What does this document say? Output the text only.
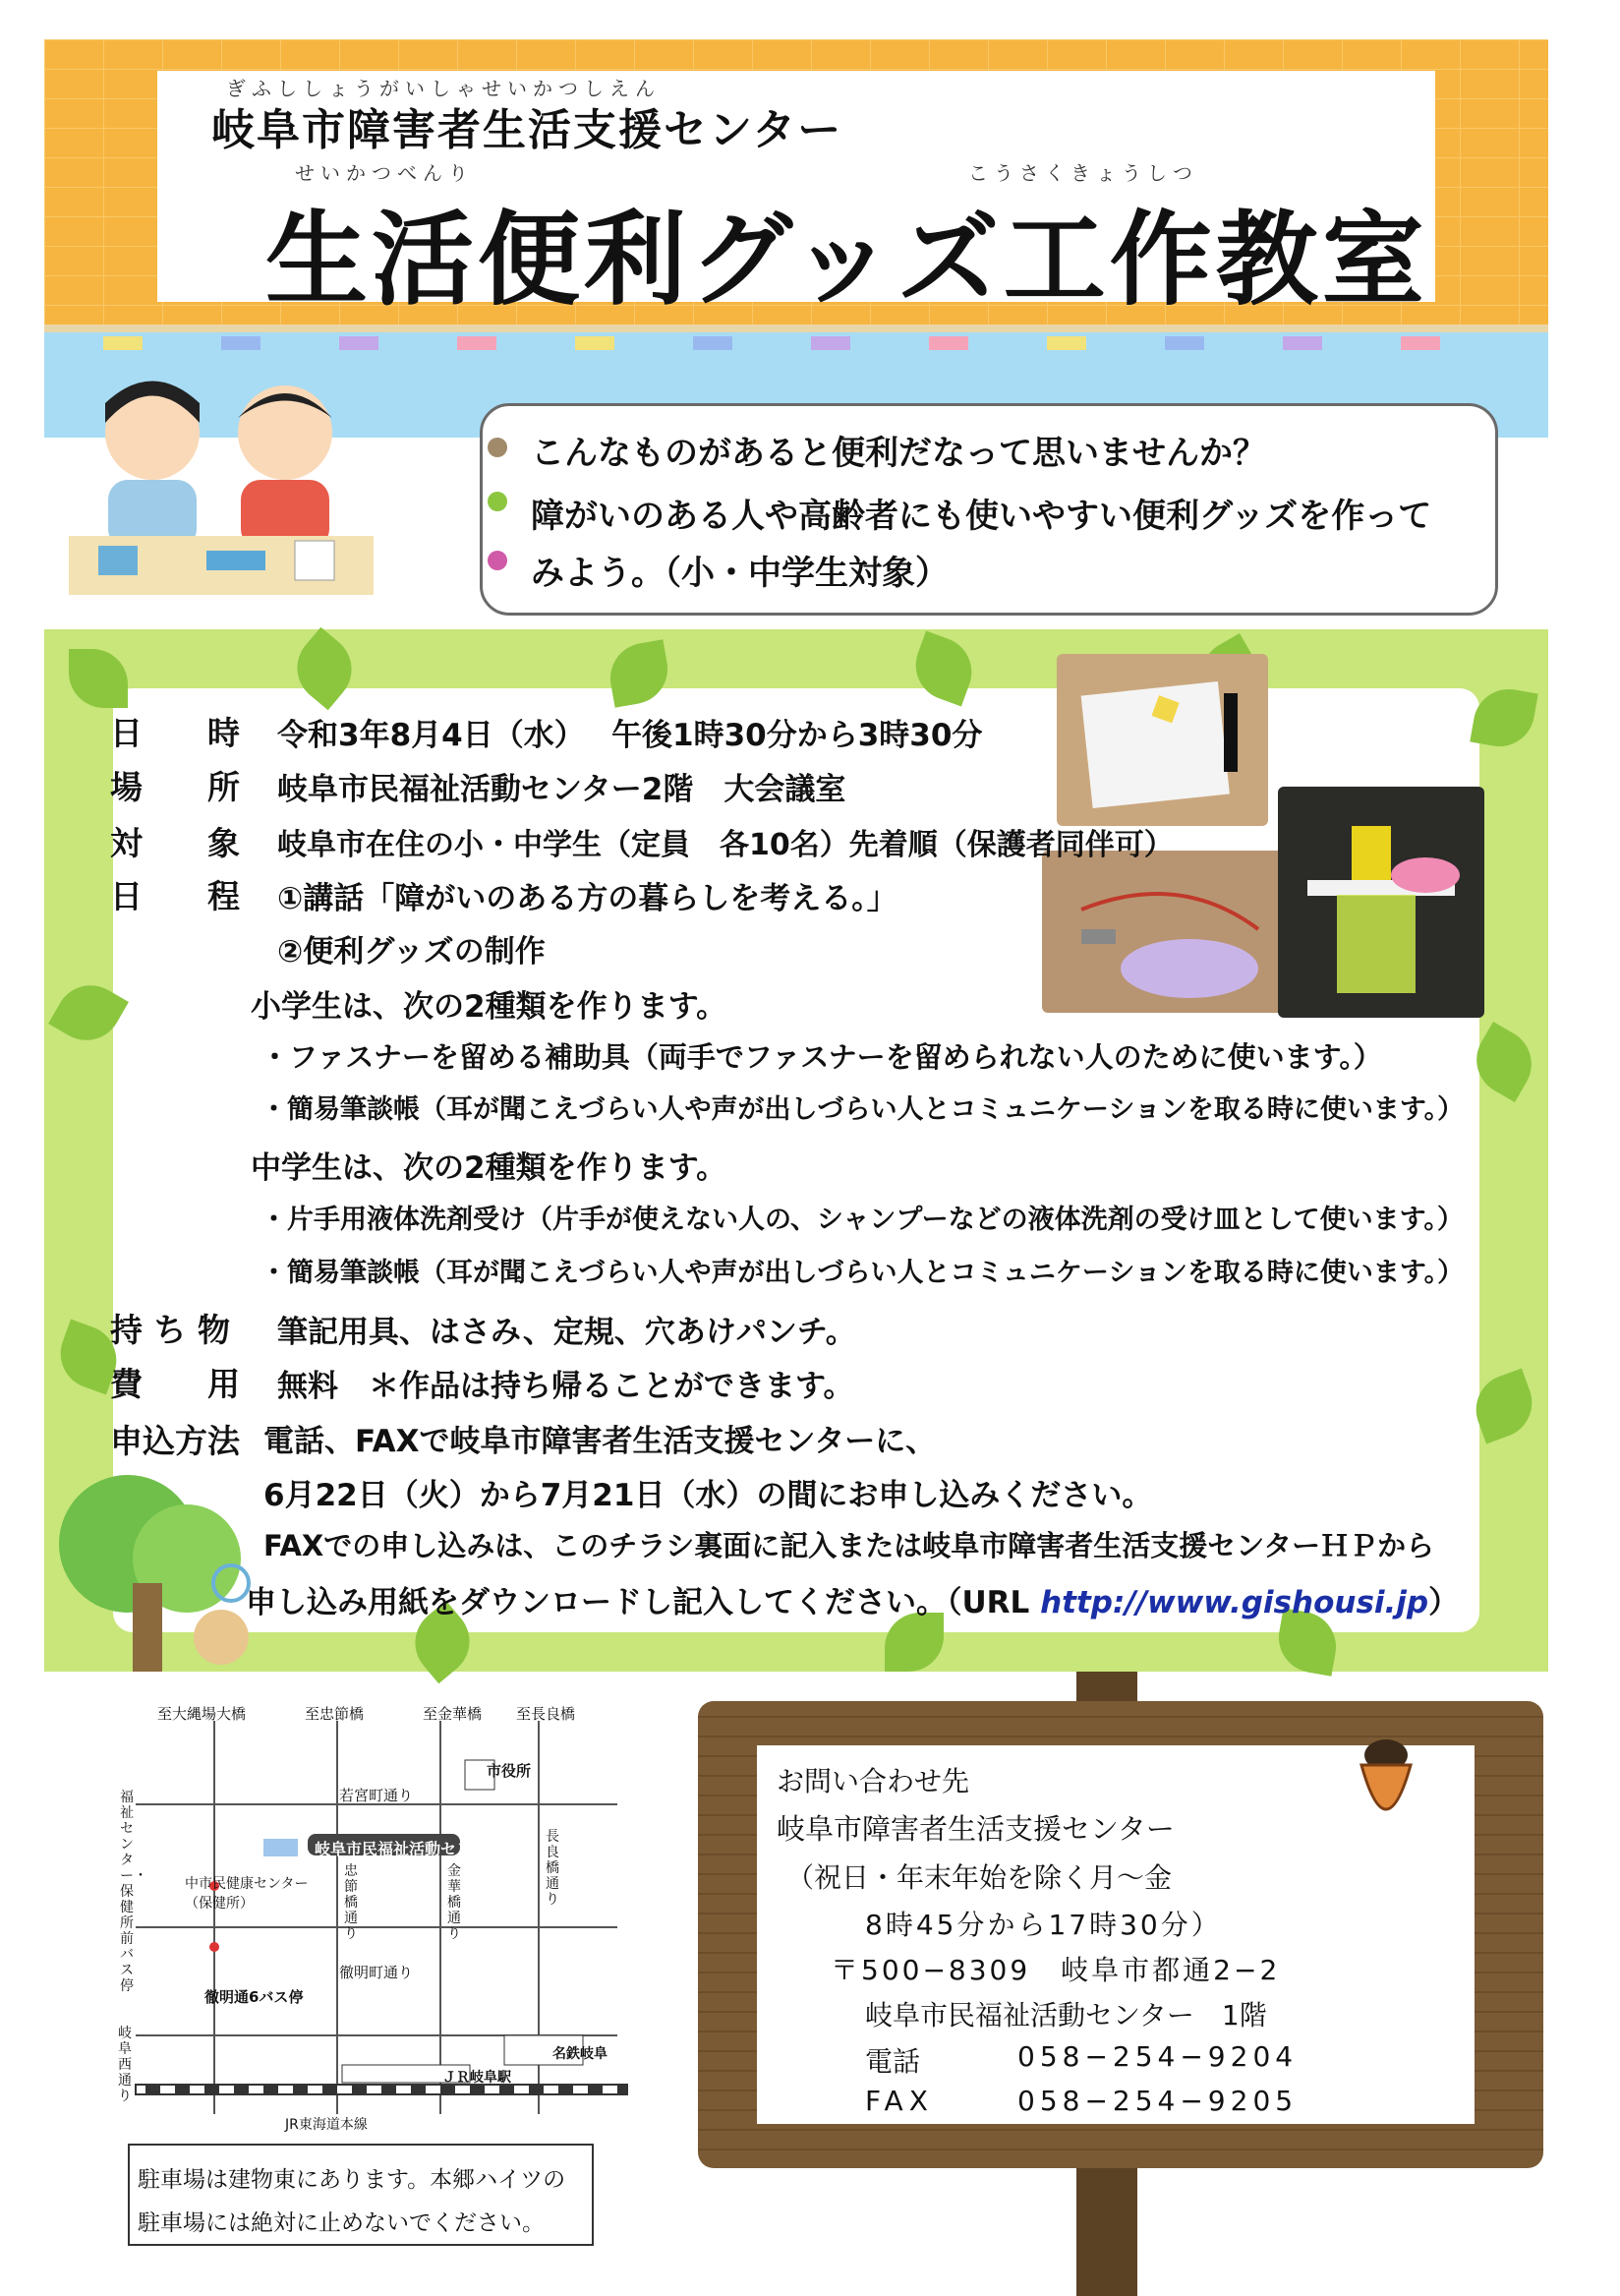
ぎふししょうがいしゃせいかつしえん
岐阜市障害者生活支援センター
せいかつべんり	こうさくきょうしつ
生活便利グッズ工作教室
こんなものがあると便利だなって思いませんか？
障がいのある人や高齢者にも使いやすい便利グッズを作って
みよう。（小・中学生対象）
日　　時 令和3年8月4日（水） 午後1時30分から3時30分
場　　所 岐阜市民福祉活動センター2階　大会議室
対　　象 岐阜市在住の小・中学生（定員　各10名）先着順（保護者同伴可）
日　　程 ①講話「障がいのある方の暮らしを考える。」
②便利グッズの制作
小学生は、次の2種類を作ります。
・ファスナーを留める補助具（両手でファスナーを留められない人のために使います。）
・簡易筆談帳（耳が聞こえづらい人や声が出しづらい人とコミュニケーションを取る時に使います。）
中学生は、次の2種類を作ります。
・片手用液体洗剤受け（片手が使えない人の、シャンプーなどの液体洗剤の受け皿として使います。）
・簡易筆談帳（耳が聞こえづらい人や声が出しづらい人とコミュニケーションを取る時に使います。）
持 ち 物 筆記用具、はさみ、定規、穴あけパンチ。
費　　用 無料　＊作品は持ち帰ることができます。
申込方法 電話、FAXで岐阜市障害者生活支援センターに、
6月22日（火）から7月21日（水）の間にお申し込みください。
FAXでの申し込みは、このチラシ裏面に記入または岐阜市障害者生活支援センターＨＰから
申し込み用紙をダウンロードし記入してください。（URL http://www.gishousi.jp）
至大縄場大橋	至忠節橋	至金華橋 至長良橋
市役所
若宮町通り
岐阜市民福祉活動センター
中市民健康センター
（保健所）
福祉センター・保健所前バス停
忠節橋通り
金華橋通り
長良橋通り
徹明町通り
徹明通6バス停
岐阜西通り
名鉄岐阜
ＪＲ岐阜駅
JR東海道本線
駐車場は建物東にあります。本郷ハイツの
駐車場には絶対に止めないでください。
お問い合わせ先
岐阜市障害者生活支援センター
（祝日・年末年始を除く月～金
8時45分から17時30分）
〒500−8309　岐阜市都通2−2
岐阜市民福祉活動センター　1階
電話	058−254−9204
FAX	058−254−9205
